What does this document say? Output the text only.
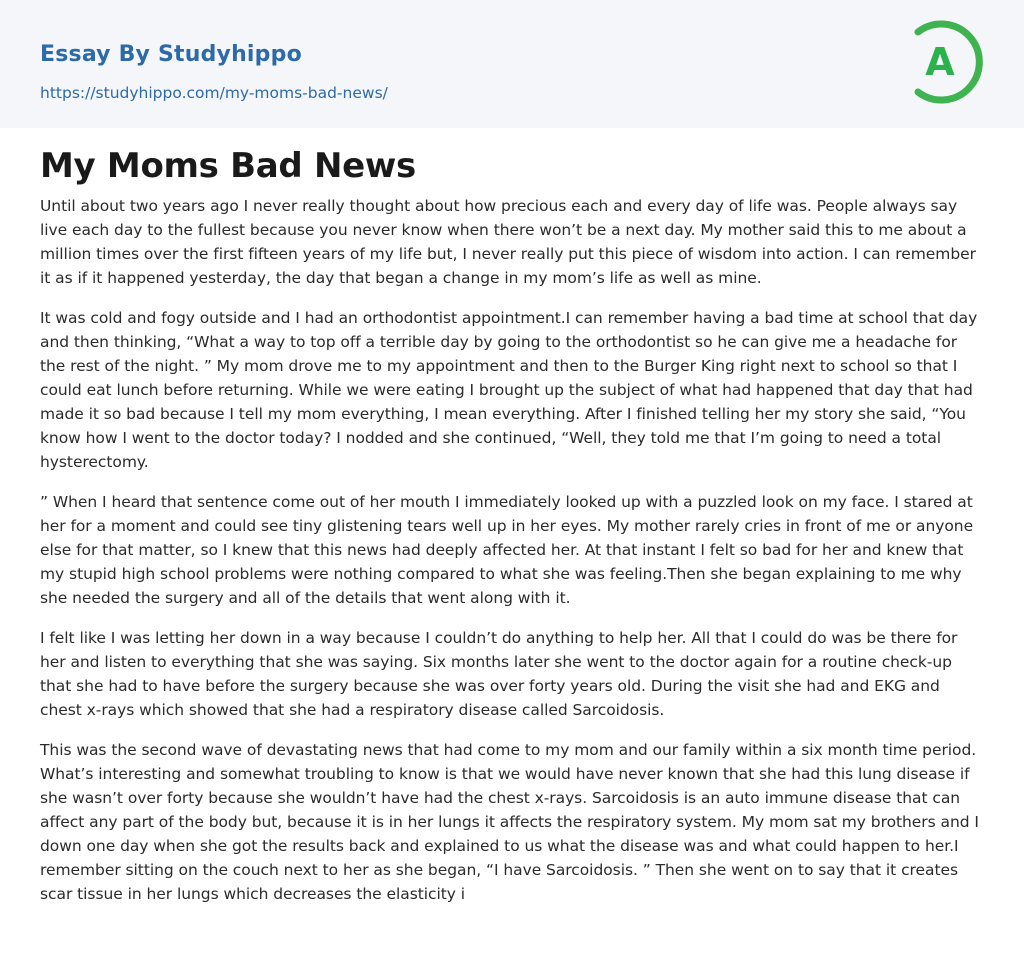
Essay By Studyhippo
https://studyhippo.com/my-moms-bad-news/
A
My Moms Bad News

Until about two years ago I never really thought about how precious each and every day of life was. People always say live each day to the fullest because you never know when there won’t be a next day. My mother said this to me about a million times over the first fifteen years of my life but, I never really put this piece of wisdom into action. I can remember it as if it happened yesterday, the day that began a change in my mom’s life as well as mine.

It was cold and fogy outside and I had an orthodontist appointment.I can remember having a bad time at school that day and then thinking, “What a way to top off a terrible day by going to the orthodontist so he can give me a headache for the rest of the night. ” My mom drove me to my appointment and then to the Burger King right next to school so that I could eat lunch before returning. While we were eating I brought up the subject of what had happened that day that had made it so bad because I tell my mom everything, I mean everything. After I finished telling her my story she said, “You know how I went to the doctor today? I nodded and she continued, “Well, they told me that I’m going to need a total hysterectomy.

” When I heard that sentence come out of her mouth I immediately looked up with a puzzled look on my face. I stared at her for a moment and could see tiny glistening tears well up in her eyes. My mother rarely cries in front of me or anyone else for that matter, so I knew that this news had deeply affected her. At that instant I felt so bad for her and knew that my stupid high school problems were nothing compared to what she was feeling.Then she began explaining to me why she needed the surgery and all of the details that went along with it.

I felt like I was letting her down in a way because I couldn’t do anything to help her. All that I could do was be there for her and listen to everything that she was saying. Six months later she went to the doctor again for a routine check-up that she had to have before the surgery because she was over forty years old. During the visit she had and EKG and chest x-rays which showed that she had a respiratory disease called Sarcoidosis.

This was the second wave of devastating news that had come to my mom and our family within a six month time period. What’s interesting and somewhat troubling to know is that we would have never known that she had this lung disease if she wasn’t over forty because she wouldn’t have had the chest x-rays. Sarcoidosis is an auto immune disease that can affect any part of the body but, because it is in her lungs it affects the respiratory system. My mom sat my brothers and I down one day when she got the results back and explained to us what the disease was and what could happen to her.I remember sitting on the couch next to her as she began, “I have Sarcoidosis. ” Then she went on to say that it creates scar tissue in her lungs which decreases the elasticity i
